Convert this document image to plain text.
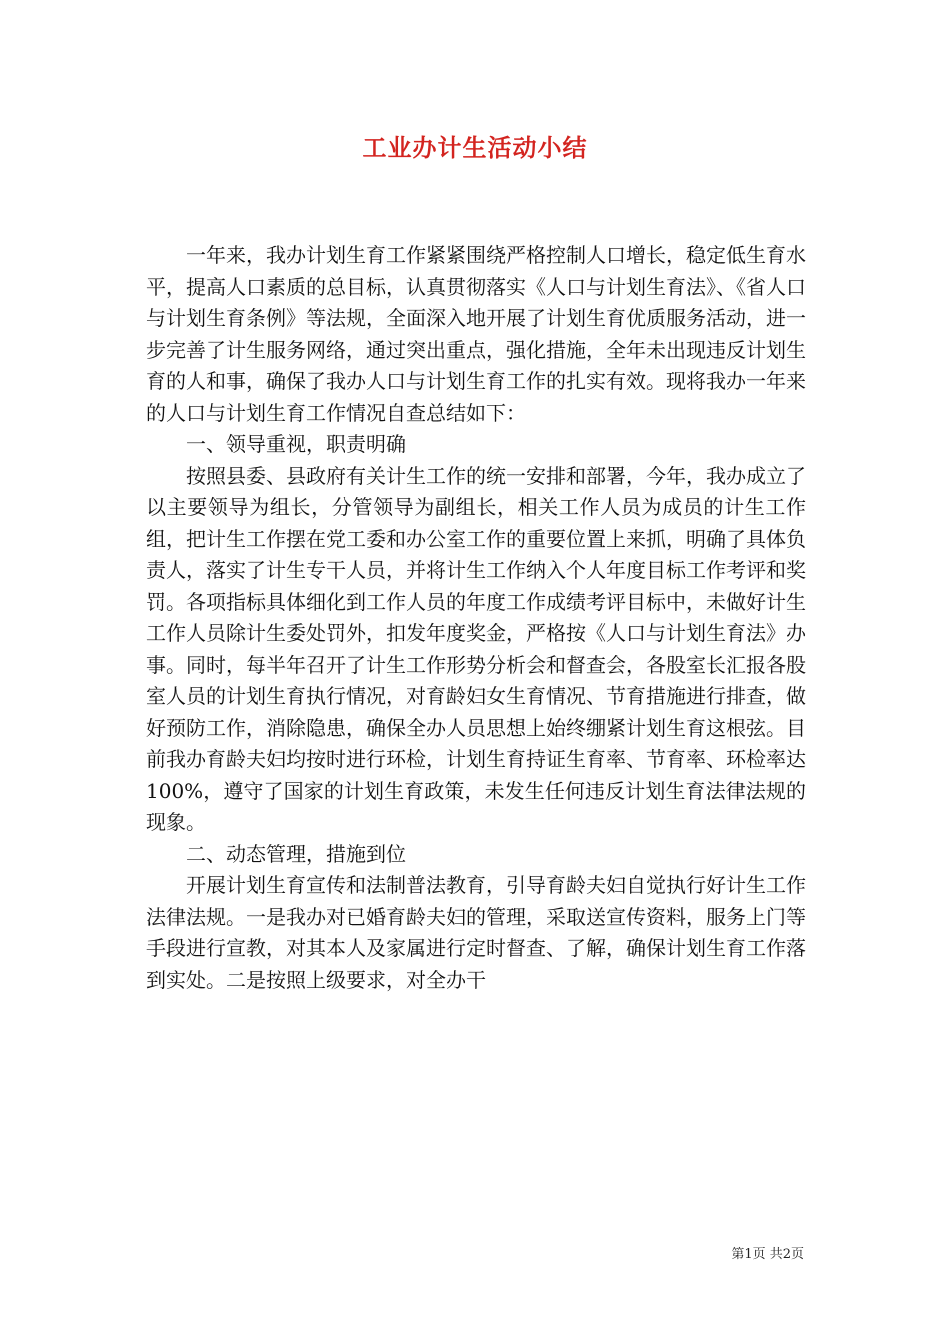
工业办计生活动小结

一年来，我办计划生育工作紧紧围绕严格控制人口增长，稳定低生育水平，提高人口素质的总目标，认真贯彻落实《人口与计划生育法》、《省人口与计划生育条例》等法规，全面深入地开展了计划生育优质服务活动，进一步完善了计生服务网络，通过突出重点，强化措施，全年未出现违反计划生育的人和事，确保了我办人口与计划生育工作的扎实有效。现将我办一年来的人口与计划生育工作情况自查总结如下：

一、领导重视，职责明确

按照县委、县政府有关计生工作的统一安排和部署，今年，我办成立了以主要领导为组长，分管领导为副组长，相关工作人员为成员的计生工作组，把计生工作摆在党工委和办公室工作的重要位置上来抓，明确了具体负责人，落实了计生专干人员，并将计生工作纳入个人年度目标工作考评和奖罚。各项指标具体细化到工作人员的年度工作成绩考评目标中，未做好计生工作人员除计生委处罚外，扣发年度奖金，严格按《人口与计划生育法》办事。同时，每半年召开了计生工作形势分析会和督查会，各股室长汇报各股室人员的计划生育执行情况，对育龄妇女生育情况、节育措施进行排查，做好预防工作，消除隐患，确保全办人员思想上始终绷紧计划生育这根弦。目前我办育龄夫妇均按时进行环检，计划生育持证生育率、节育率、环检率达100%，遵守了国家的计划生育政策，未发生任何违反计划生育法律法规的现象。

二、动态管理，措施到位

开展计划生育宣传和法制普法教育，引导育龄夫妇自觉执行好计生工作法律法规。一是我办对已婚育龄夫妇的管理，采取送宣传资料，服务上门等手段进行宣教，对其本人及家属进行定时督查、了解，确保计划生育工作落到实处。二是按照上级要求，对全办干

第1页 共2页
